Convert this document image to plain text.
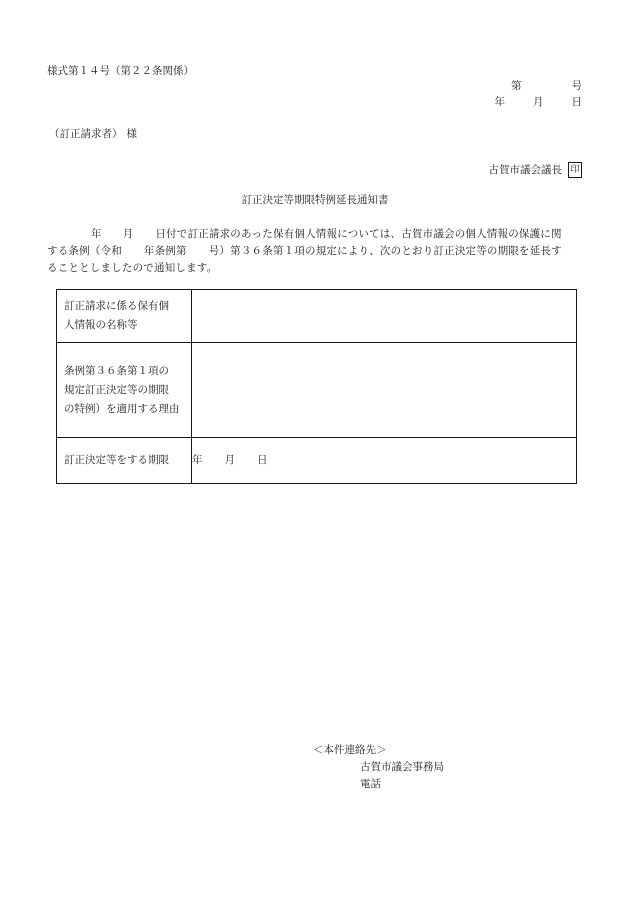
様式第１４号（第２２条関係）
第	号
年	月	日
（訂正請求者） 様
古賀市議会議長 印
訂正決定等期限特例延長通知書
年 月 日付で訂正請求のあった保有個人情報については、古賀市議会の個人情報の保護に関
する条例（令和 年条例第 号）第３６条第１項の規定により、次のとおり訂正決定等の期限を延長す
ることとしましたので通知します。
訂正請求に係る保有個
人情報の名称等	
条例第３６条第１項の
規定訂正決定等の期限
の特例）を適用する理由	
訂正決定等をする期限	年 月 日
＜本件連絡先＞
古賀市議会事務局
電話
